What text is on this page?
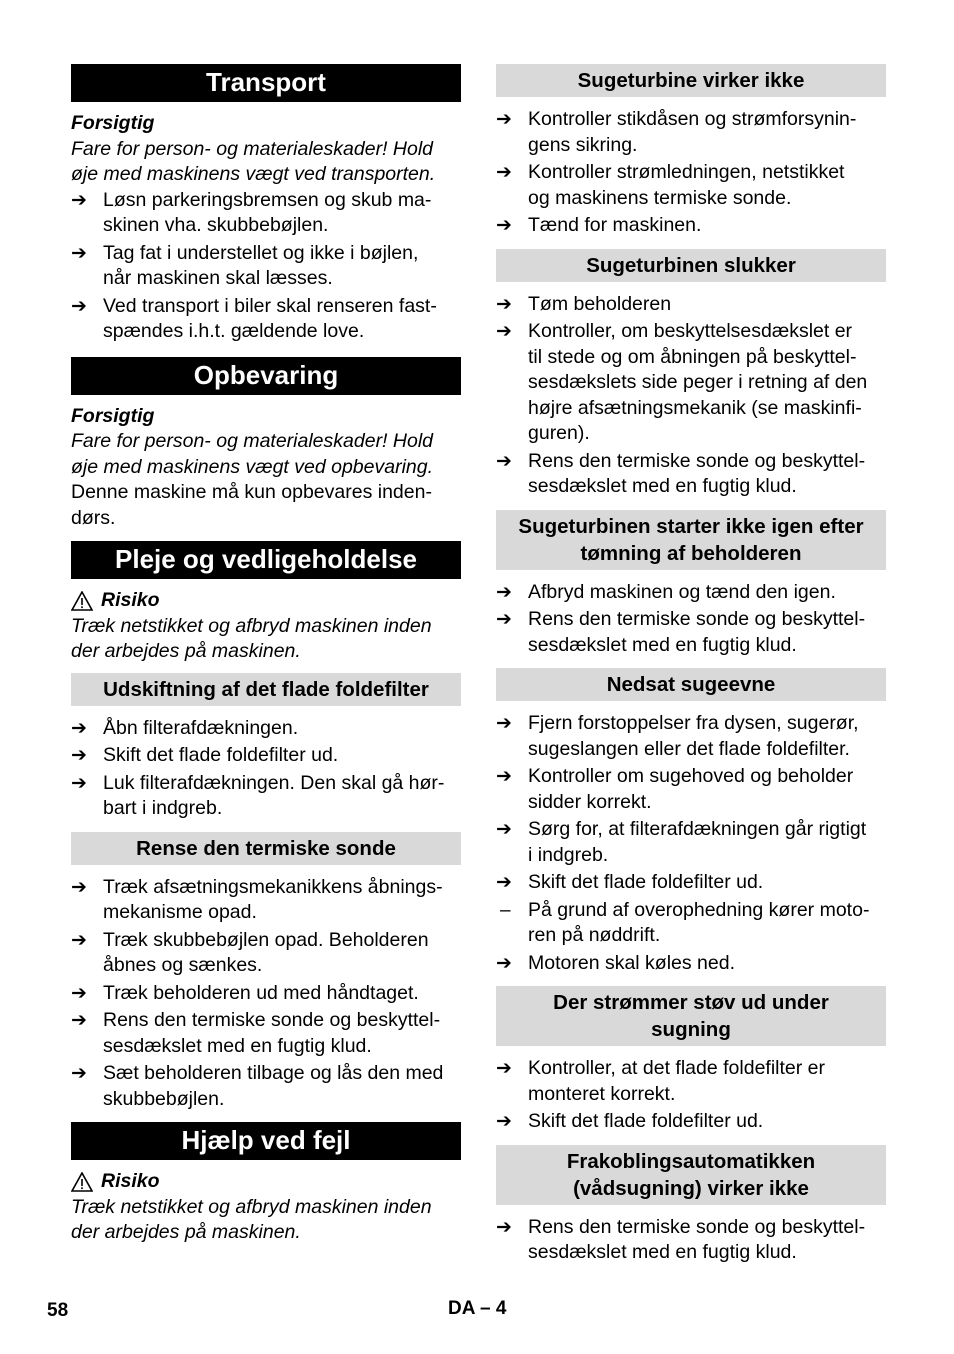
Transport
Forsigtig
Fare for person- og materialeskader! Hold
øje med maskinens vægt ved transporten.
➔ Løsn parkeringsbremsen og skub ma-
skinen vha. skubbebøjlen.
➔ Tag fat i understellet og ikke i bøjlen,
når maskinen skal læsses.
➔ Ved transport i biler skal renseren fast-
spændes i.h.t. gældende love.
Opbevaring
Forsigtig
Fare for person- og materialeskader! Hold
øje med maskinens vægt ved opbevaring.
Denne maskine må kun opbevares inden-
dørs.
Pleje og vedligeholdelse
Risiko
Træk netstikket og afbryd maskinen inden
der arbejdes på maskinen.
Udskiftning af det flade foldefilter
➔ Åbn filterafdækningen.
➔ Skift det flade foldefilter ud.
➔ Luk filterafdækningen. Den skal gå hør-
bart i indgreb.
Rense den termiske sonde
➔ Træk afsætningsmekanikkens åbnings-
mekanisme opad.
➔ Træk skubbebøjlen opad. Beholderen
åbnes og sænkes.
➔ Træk beholderen ud med håndtaget.
➔ Rens den termiske sonde og beskyttel-
sesdækslet med en fugtig klud.
➔ Sæt beholderen tilbage og lås den med
skubbebøjlen.
Hjælp ved fejl
Risiko
Træk netstikket og afbryd maskinen inden
der arbejdes på maskinen.
Sugeturbine virker ikke
➔ Kontroller stikdåsen og strømforsynin-
gens sikring.
➔ Kontroller strømledningen, netstikket
og maskinens termiske sonde.
➔ Tænd for maskinen.
Sugeturbinen slukker
➔ Tøm beholderen
➔ Kontroller, om beskyttelsesdækslet er
til stede og om åbningen på beskyttel-
sesdækslets side peger i retning af den
højre afsætningsmekanik (se maskinfi-
guren).
➔ Rens den termiske sonde og beskyttel-
sesdækslet med en fugtig klud.
Sugeturbinen starter ikke igen efter
tømning af beholderen
➔ Afbryd maskinen og tænd den igen.
➔ Rens den termiske sonde og beskyttel-
sesdækslet med en fugtig klud.
Nedsat sugeevne
➔ Fjern forstoppelser fra dysen, sugerør,
sugeslangen eller det flade foldefilter.
➔ Kontroller om sugehoved og beholder
sidder korrekt.
➔ Sørg for, at filterafdækningen går rigtigt
i indgreb.
➔ Skift det flade foldefilter ud.
– På grund af overophedning kører moto-
ren på nøddrift.
➔ Motoren skal køles ned.
Der strømmer støv ud under
sugning
➔ Kontroller, at det flade foldefilter er
monteret korrekt.
➔ Skift det flade foldefilter ud.
Frakoblingsautomatikken
(vådsugning) virker ikke
➔ Rens den termiske sonde og beskyttel-
sesdækslet med en fugtig klud.
58	DA – 4
